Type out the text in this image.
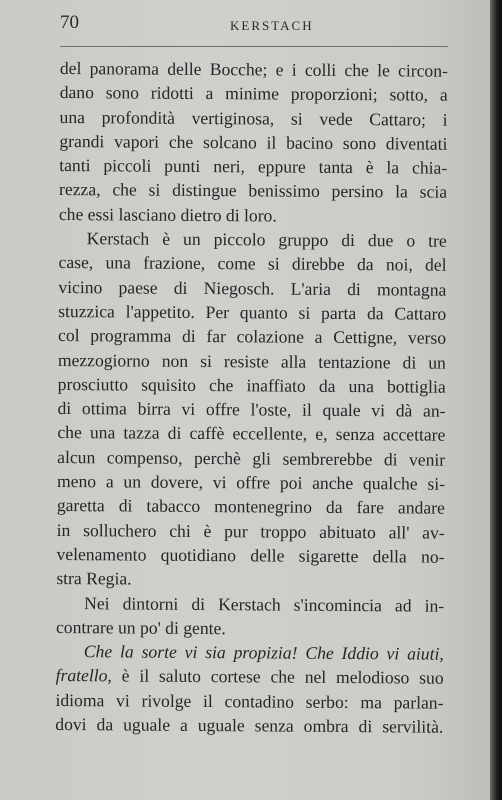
70	KERSTACH

del panorama delle Bocche; e i colli che le circon-
dano sono ridotti a minime proporzioni; sotto, a
una profondità vertiginosa, si vede Cattaro; i
grandi vapori che solcano il bacino sono diventati
tanti piccoli punti neri, eppure tanta è la chia-
rezza, che si distingue benissimo persino la scia
che essi lasciano dietro di loro.

Kerstach è un piccolo gruppo di due o tre
case, una frazione, come si direbbe da noi, del
vicino paese di Niegosch. L'aria di montagna
stuzzica l'appetito. Per quanto si parta da Cattaro
col programma di far colazione a Cettigne, verso
mezzogiorno non si resiste alla tentazione di un
prosciutto squisito che inaffiato da una bottiglia
di ottima birra vi offre l'oste, il quale vi dà an-
che una tazza di caffè eccellente, e, senza accettare
alcun compenso, perchè gli sembrerebbe di venir
meno a un dovere, vi offre poi anche qualche si-
garetta di tabacco montenegrino da fare andare
in solluchero chi è pur troppo abituato all' av-
velenamento quotidiano delle sigarette della no-
stra Regia.

Nei dintorni di Kerstach s'incomincia ad in-
contrare un po' di gente.

Che la sorte vi sia propizia! Che Iddio vi aiuti,
fratello, è il saluto cortese che nel melodioso suo
idioma vi rivolge il contadino serbo: ma parlan-
dovi da uguale a uguale senza ombra di servilità.
